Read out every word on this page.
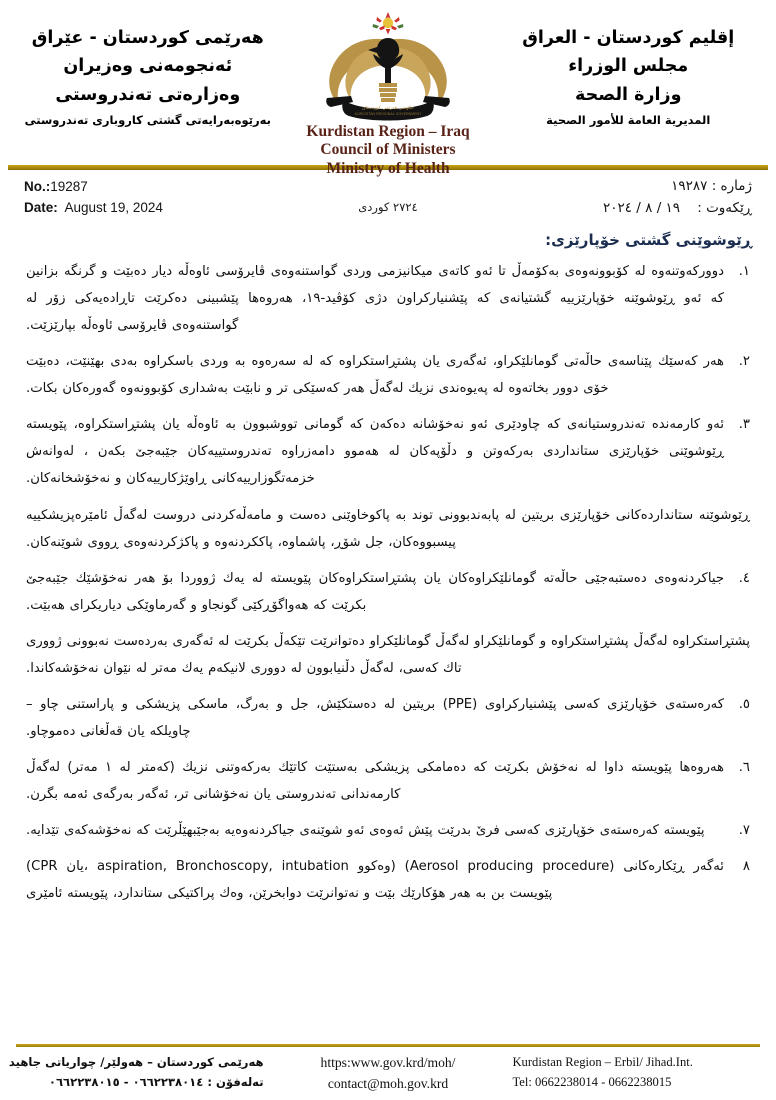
هەرێمى كوردستان - عێراق
ئەنجومەنى وەزيران
وەزارەتى تەندروستى
بەرێوەبەرايەتى گشتى كاروبارى تەندروستى
حكومتى هەرێمى كوردستان
KURDISTAN REGIONAL GOVERNMENT
Kurdistan Region – Iraq
Council of Ministers
Ministry of Health
إقليم كوردستان - العراق
مجلس الوزراء
وزارة الصحة
المديرية العامة للأمور الصحية
No.:19287
Date: August 19, 2024	٢٧٢٤ كوردى
ژمارە : ١٩٢٨٧
ڕێكەوت :    ١٩ / ٨ / ٢٠٢٤
ڕێوشوێنى گشتى خۆپارێزى:
١.
دووركەوتنەوە لە كۆبوونەوەى بەكۆمەڵ تا ئەو كاتەى ميكانيزمى وردى گواستنەوەى ڤايرۆسى ئاوەڵە ديار دەبێت و گرنگە بزانين كە ئەو ڕێوشوێنە خۆپارێزييە گشتيانەى كە پێشنياركراون دژى كۆڤيد-١٩، هەروەها پێشبينى دەكرێت تاڕادەيەكى زۆر لە گواستنەوەى ڤايرۆسى ئاوەڵە بپارێزێت.
٢.
هەر كەسێك پێناسەى حاڵەتى گومانلێكراو، ئەگەرى يان پشتڕاستكراوە كە لە سەرەوە بە وردى باسكراوە بەدى بهێنێت، دەبێت خۆى دوور بخاتەوە لە پەيوەندى نزيك لەگەڵ هەر كەسێكى تر و نابێت بەشدارى كۆبوونەوە گەورەكان بكات.
٣.
ئەو كارمەندە تەندروستيانەى كە چاودێرى ئەو نەخۆشانە دەكەن كە گومانى تووشبوون بە ئاوەڵە يان پشتڕاستكراوە، پێويستە ڕێوشوێنى خۆپارێزى ستانداردى بەركەوتن و دڵۆپەكان لە هەموو دامەزراوە تەندروستييەكان جێبەجێ بكەن ، لەوانەش خزمەتگوزارييەكانى ڕاوێژكارييەكان و نەخۆشخانەكان.
ڕێوشوێنە ستانداردەكانى خۆپارێزى بريتين لە پابەندبوونى توند بە پاكوخاوێنى دەست و مامەڵەكردنى دروست لەگەڵ ئامێرەپزيشكييە پيسبووەكان، جل شۆڕ، پاشماوە، پاككردنەوە و پاكژكردنەوەى ڕووى شوێنەكان.
٤.
جياكردنەوەى دەستبەجێى حاڵەتە گومانلێكراوەكان يان پشتڕاستكراوەكان پێويستە لە يەك ژووردا بۆ هەر نەخۆشێك جێبەجێ بكرێت كە هەواگۆڕكێى گونجاو و گەرماوێكى دياريكراى هەبێت.
پشتڕاستكراوە لەگەڵ پشتڕاستكراوە و گومانلێكراو لەگەڵ گومانلێكراو دەتوانرێت تێكەڵ بكرێت لە ئەگەرى بەردەست نەبوونى ژوورى تاك كەسى، لەگەڵ دڵنيابوون لە دوورى لانيكەم يەك مەتر لە نێوان نەخۆشەكاندا.
٥.
كەرەستەى خۆپارێزى كەسى پێشنياركراوى (PPE) بريتين لە دەستكێش، جل و بەرگ، ماسكى پزيشكى و پاراستنى چاو – چاويلكە يان قەڵغانى دەموچاو.
٦.
هەروەها پێويستە داوا لە نەخۆش بكرێت كە دەمامكى پزيشكى بەستێت كاتێك بەركەوتنى نزيك (كەمتر لە ١ مەتر) لەگەڵ كارمەندانى تەندروستى يان نەخۆشانى تر، ئەگەر بەرگەى ئەمە بگرن.
٧.
پێويستە كەرەستەى خۆپارێزى كەسى فرێ بدرێت پێش ئەوەى ئەو شوێنەى جياكردنەوەيە بەجێبهێڵرێت كە نەخۆشەكەى تێدايە.
٨
ئەگەر ڕێكارەكانى (Aerosol producing procedure) (وەكوو aspiration, Bronchoscopy, intubation ،يان CPR) پێويست بن بە هەر هۆكارێك بێت و نەتوانرێت دوابخرێن، وەك پراكتيكى ستاندارد، پێويستە ئامێرى
هەرێمى كوردستان – هەولێر/ چوارياتى جاهيد
تەلەفۆن : ٠٦٦٢٢٣٨٠١٤ - ٠٦٦٢٢٣٨٠١٥
https:www.gov.krd/moh/
contact@moh.gov.krd
Kurdistan Region – Erbil/ Jihad.Int.
Tel: 0662238014 - 0662238015
